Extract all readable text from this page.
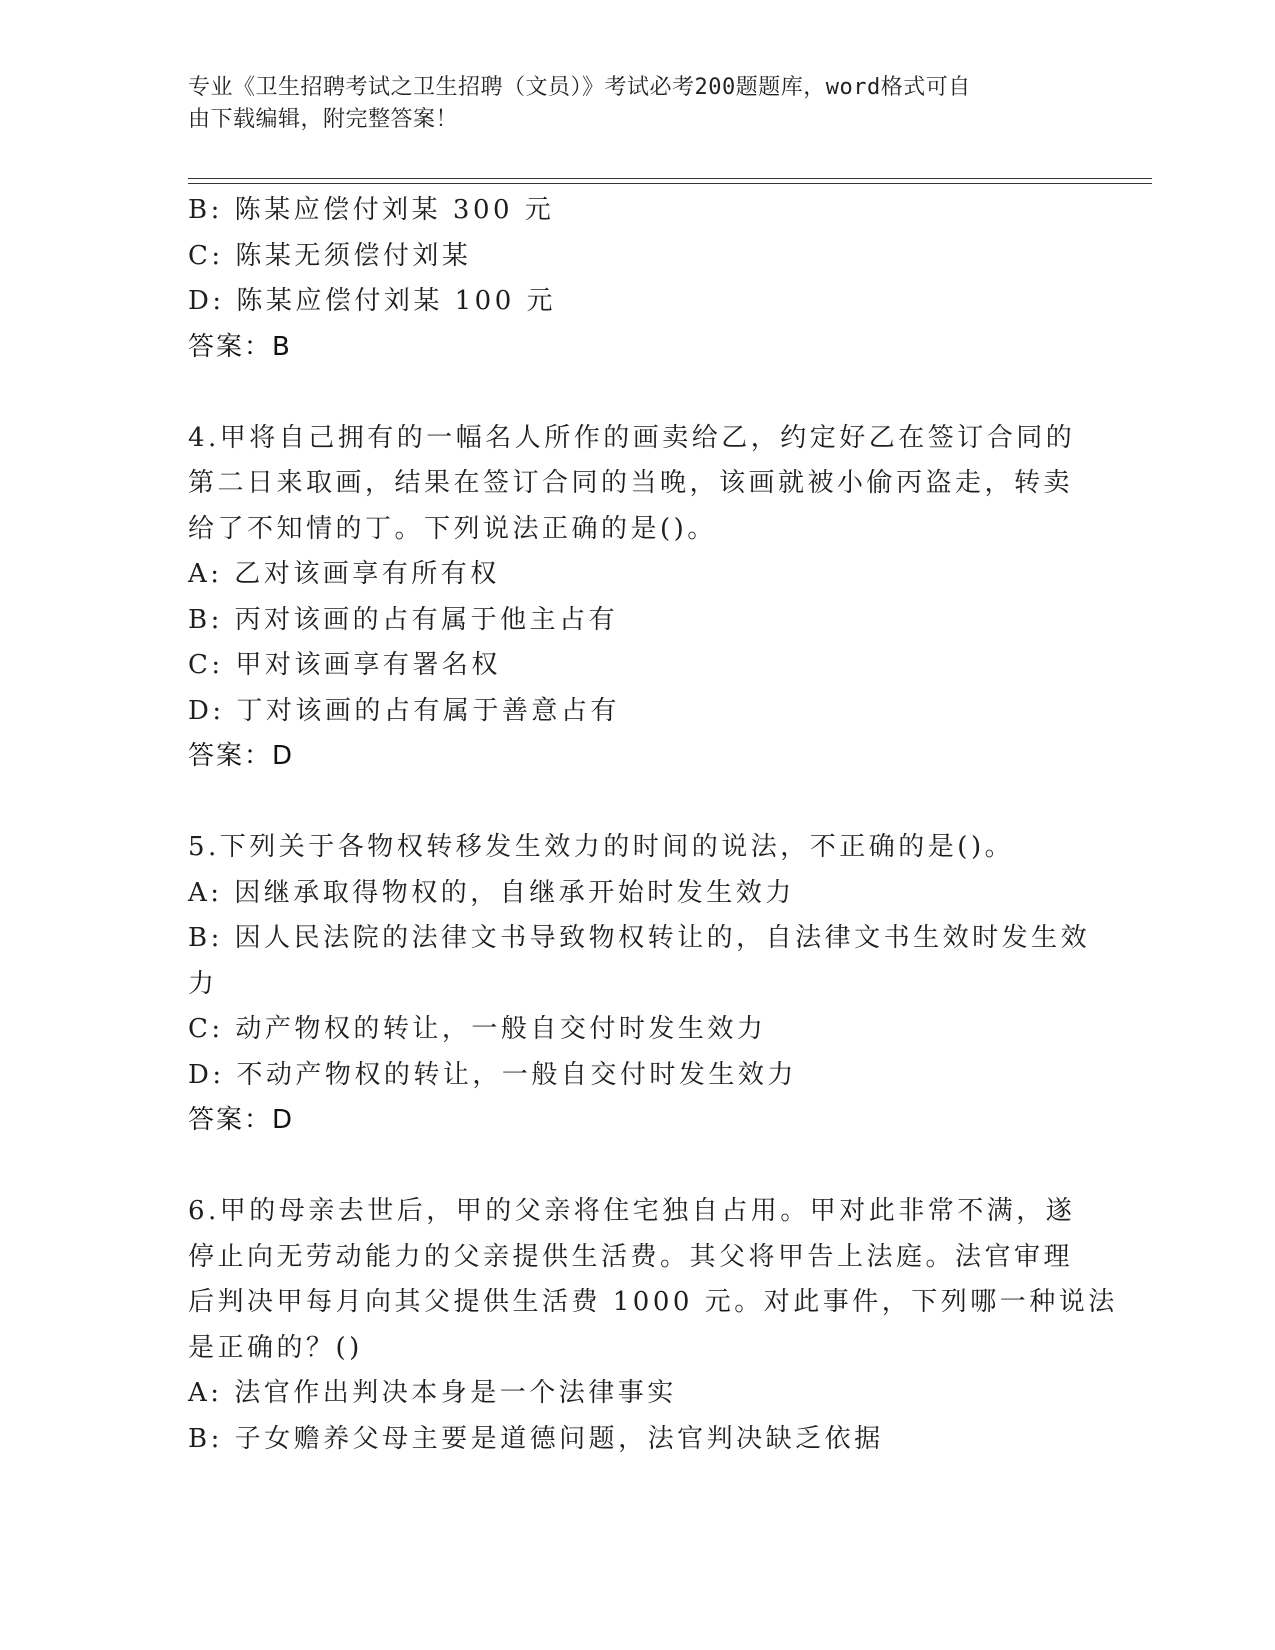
专业《卫生招聘考试之卫生招聘（文员）》考试必考200题题库，word格式可自
由下载编辑，附完整答案！
B: 陈某应偿付刘某 300 元
C: 陈某无须偿付刘某
D: 陈某应偿付刘某 100 元
答案：B
4.甲将自己拥有的一幅名人所作的画卖给乙，约定好乙在签订合同的
第二日来取画，结果在签订合同的当晚，该画就被小偷丙盗走，转卖
给了不知情的丁。下列说法正确的是()。
A: 乙对该画享有所有权
B: 丙对该画的占有属于他主占有
C: 甲对该画享有署名权
D: 丁对该画的占有属于善意占有
答案：D
5.下列关于各物权转移发生效力的时间的说法，不正确的是()。
A: 因继承取得物权的，自继承开始时发生效力
B: 因人民法院的法律文书导致物权转让的，自法律文书生效时发生效
力
C: 动产物权的转让，一般自交付时发生效力
D: 不动产物权的转让，一般自交付时发生效力
答案：D
6.甲的母亲去世后，甲的父亲将住宅独自占用。甲对此非常不满，遂
停止向无劳动能力的父亲提供生活费。其父将甲告上法庭。法官审理
后判决甲每月向其父提供生活费 1000 元。对此事件，下列哪一种说法
是正确的？()
A: 法官作出判决本身是一个法律事实
B: 子女赡养父母主要是道德问题，法官判决缺乏依据
